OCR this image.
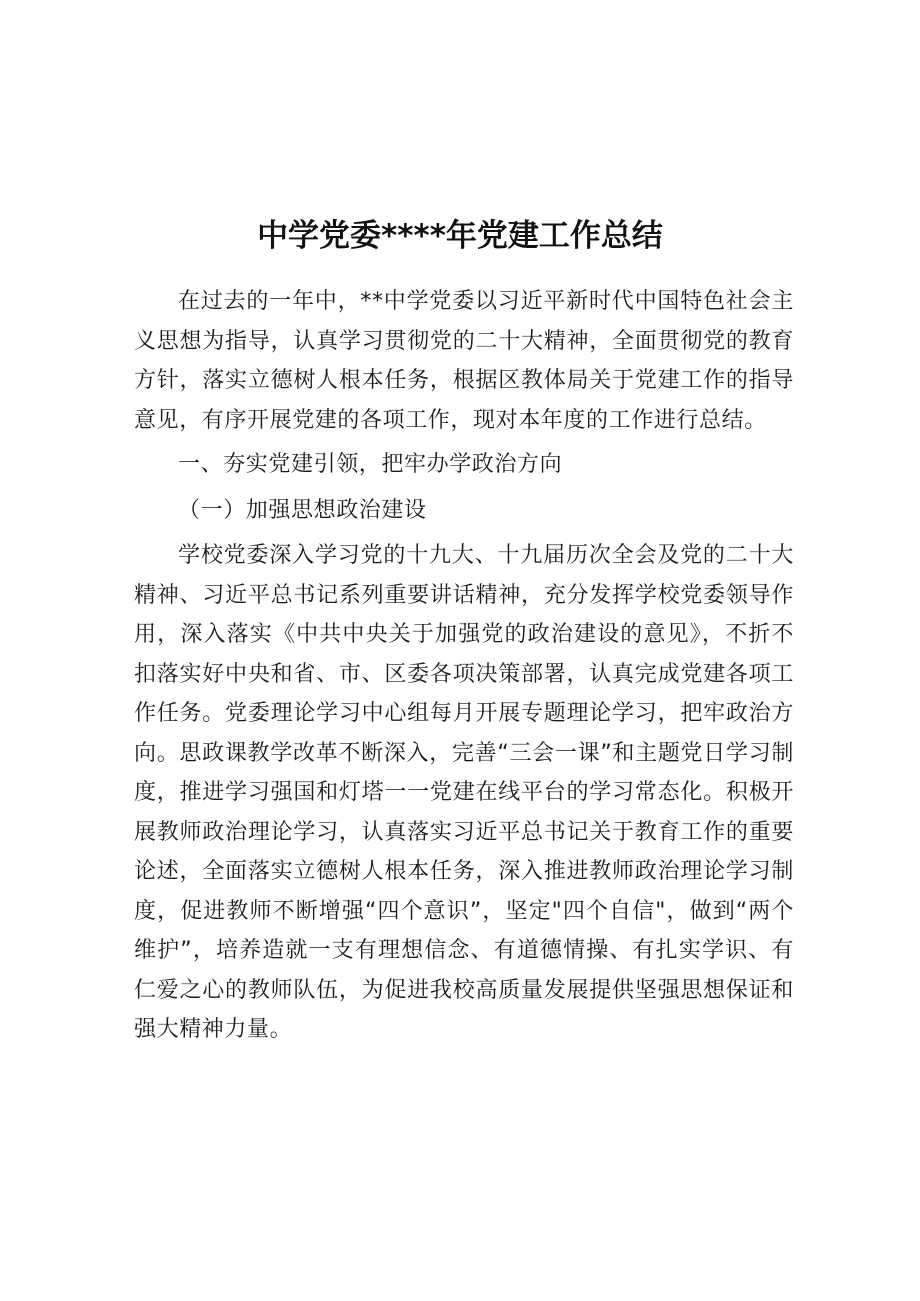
中学党委****年党建工作总结

在过去的一年中，**中学党委以习近平新时代中国特色社会主义思想为指导，认真学习贯彻党的二十大精神，全面贯彻党的教育方针，落实立德树人根本任务，根据区教体局关于党建工作的指导意见，有序开展党建的各项工作，现对本年度的工作进行总结。

一、夯实党建引领，把牢办学政治方向

（一）加强思想政治建设

学校党委深入学习党的十九大、十九届历次全会及党的二十大精神、习近平总书记系列重要讲话精神，充分发挥学校党委领导作用，深入落实《中共中央关于加强党的政治建设的意见》，不折不扣落实好中央和省、市、区委各项决策部署，认真完成党建各项工作任务。党委理论学习中心组每月开展专题理论学习，把牢政治方向。思政课教学改革不断深入，完善“三会一课”和主题党日学习制度，推进学习强国和灯塔一一党建在线平台的学习常态化。积极开展教师政治理论学习，认真落实习近平总书记关于教育工作的重要论述，全面落实立德树人根本任务，深入推进教师政治理论学习制度，促进教师不断增强“四个意识”，坚定"四个自信"，做到“两个维护”，培养造就一支有理想信念、有道德情操、有扎实学识、有仁爱之心的教师队伍，为促进我校高质量发展提供坚强思想保证和强大精神力量。
